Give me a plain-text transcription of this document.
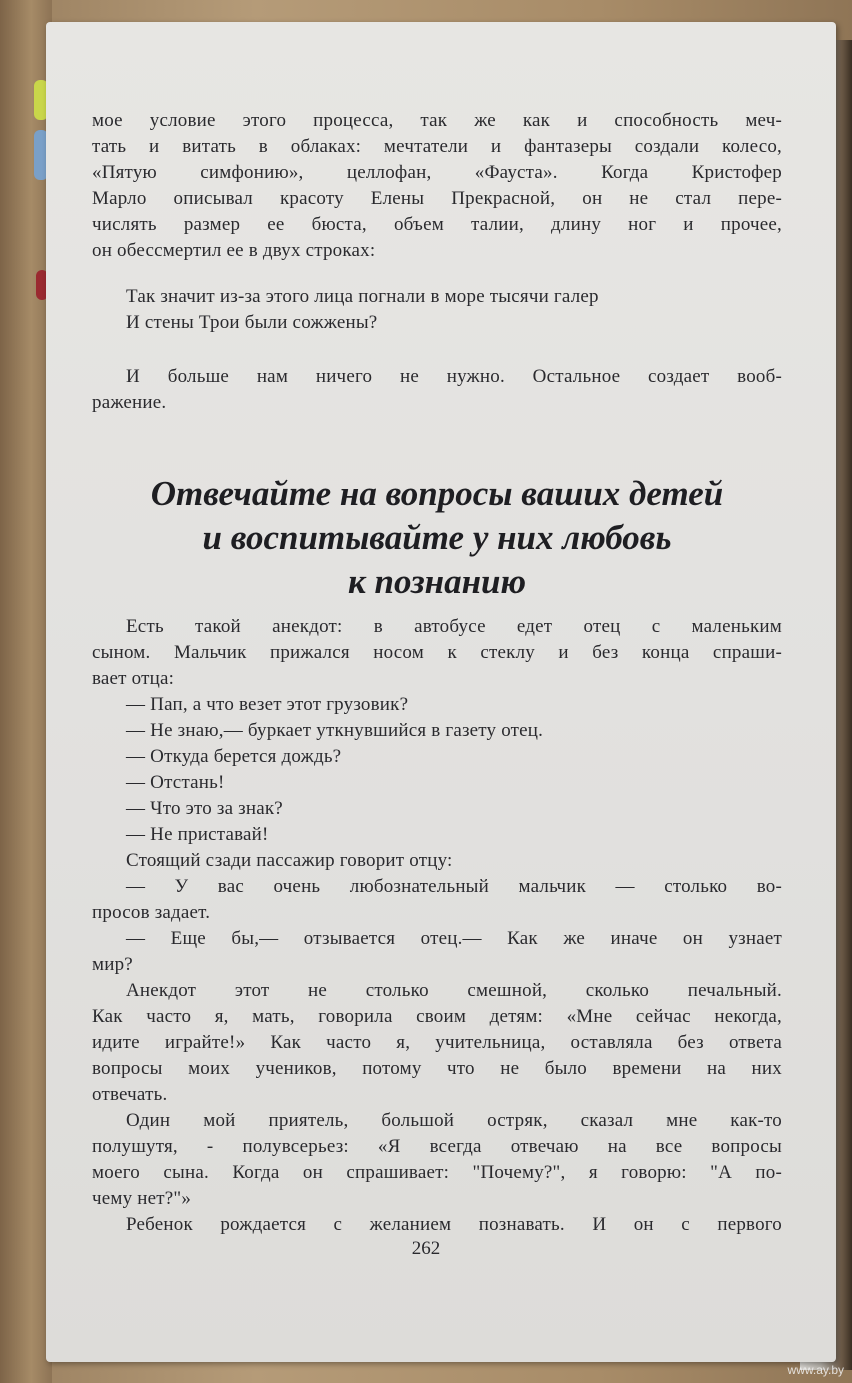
мое условие этого процесса, так же как и способность меч-
тать и витать в облаках: мечтатели и фантазеры создали колесо,
«Пятую симфонию», целлофан, «Фауста». Когда Кристофер
Марло описывал красоту Елены Прекрасной, он не стал пере-
числять размер ее бюста, объем талии, длину ног и прочее,
он обессмертил ее в двух строках:
Так значит из-за этого лица погнали в море тысячи галер
И стены Трои были сожжены?
И больше нам ничего не нужно. Остальное создает вооб-
ражение.
Отвечайте на вопросы ваших детей
и воспитывайте у них любовь
к познанию
Есть такой анекдот: в автобусе едет отец с маленьким
сыном. Мальчик прижался носом к стеклу и без конца спраши-
вает отца:
— Пап, а что везет этот грузовик?
— Не знаю,— буркает уткнувшийся в газету отец.
— Откуда берется дождь?
— Отстань!
— Что это за знак?
— Не приставай!
Стоящий сзади пассажир говорит отцу:
— У вас очень любознательный мальчик — столько во-
просов задает.
— Еще бы,— отзывается отец.— Как же иначе он узнает
мир?
Анекдот этот не столько смешной, сколько печальный.
Как часто я, мать, говорила своим детям: «Мне сейчас некогда,
идите играйте!» Как часто я, учительница, оставляла без ответа
вопросы моих учеников, потому что не было времени на них
отвечать.
Один мой приятель, большой остряк, сказал мне как-то
полушутя, - полувсерьез: «Я всегда отвечаю на все вопросы
моего сына. Когда он спрашивает: "Почему?", я говорю: "А по-
чему нет?"»
Ребенок рождается с желанием познавать. И он с первого
262
www.ay.by
